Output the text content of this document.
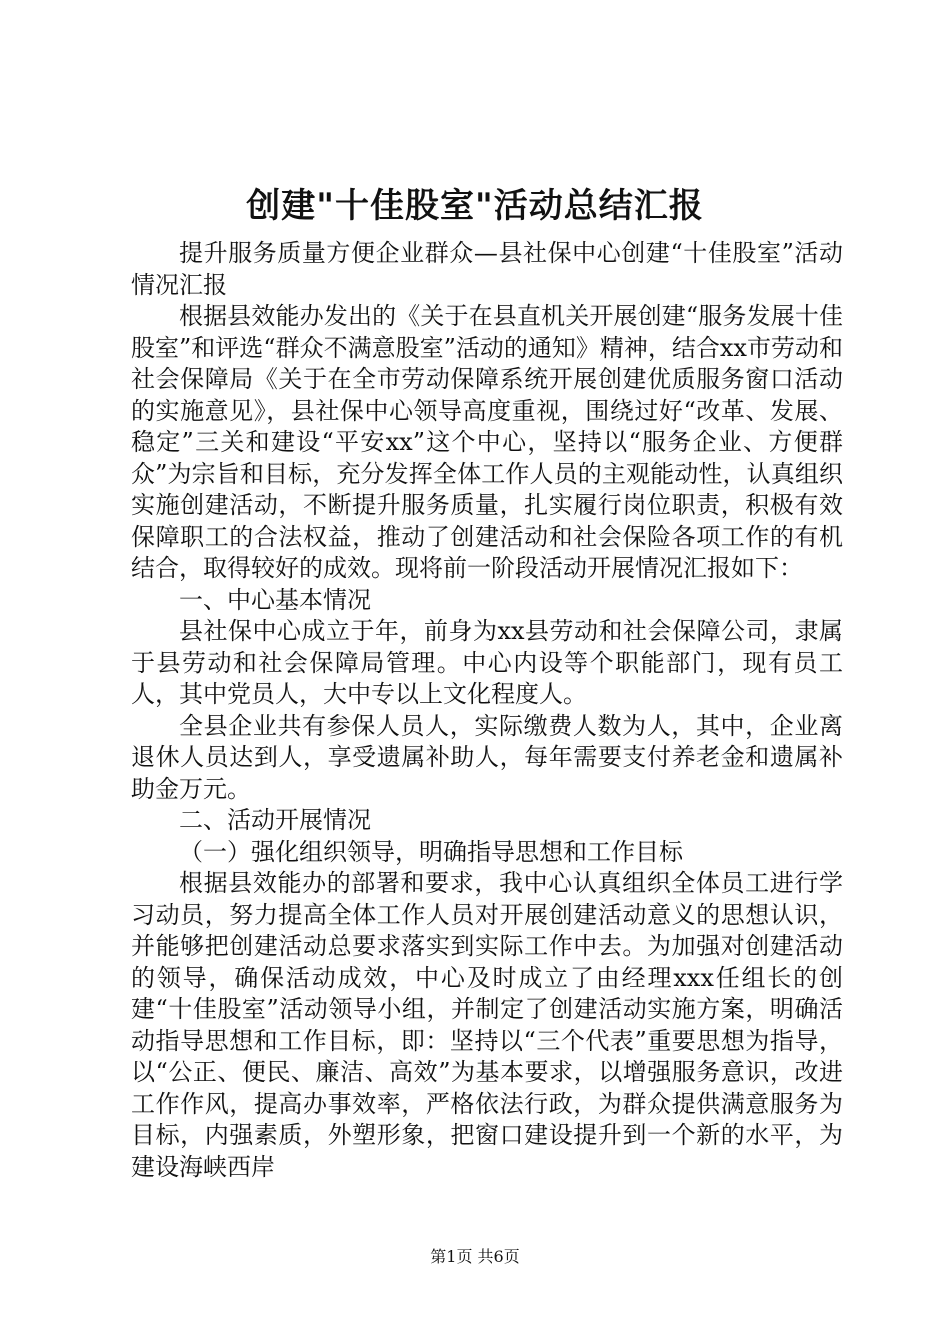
创建"十佳股室"活动总结汇报

提升服务质量方便企业群众—县社保中心创建“十佳股室”活动情况汇报

根据县效能办发出的《关于在县直机关开展创建“服务发展十佳股室”和评选“群众不满意股室”活动的通知》精神，结合xx市劳动和社会保障局《关于在全市劳动保障系统开展创建优质服务窗口活动的实施意见》，县社保中心领导高度重视，围绕过好“改革、发展、稳定”三关和建设“平安xx”这个中心，坚持以“服务企业、方便群众”为宗旨和目标，充分发挥全体工作人员的主观能动性，认真组织实施创建活动，不断提升服务质量，扎实履行岗位职责，积极有效保障职工的合法权益，推动了创建活动和社会保险各项工作的有机结合，取得较好的成效。现将前一阶段活动开展情况汇报如下：

一、中心基本情况

县社保中心成立于年，前身为xx县劳动和社会保障公司，隶属于县劳动和社会保障局管理。中心内设等个职能部门，现有员工人，其中党员人，大中专以上文化程度人。

全县企业共有参保人员人，实际缴费人数为人，其中，企业离退休人员达到人，享受遗属补助人，每年需要支付养老金和遗属补助金万元。

二、活动开展情况

（一）强化组织领导，明确指导思想和工作目标

根据县效能办的部署和要求，我中心认真组织全体员工进行学习动员，努力提高全体工作人员对开展创建活动意义的思想认识，并能够把创建活动总要求落实到实际工作中去。为加强对创建活动的领导，确保活动成效，中心及时成立了由经理xxx任组长的创建“十佳股室”活动领导小组，并制定了创建活动实施方案，明确活动指导思想和工作目标，即：坚持以“三个代表”重要思想为指导，以“公正、便民、廉洁、高效”为基本要求，以增强服务意识，改进工作作风，提高办事效率，严格依法行政，为群众提供满意服务为目标，内强素质，外塑形象，把窗口建设提升到一个新的水平，为建设海峡西岸

第1页 共6页
